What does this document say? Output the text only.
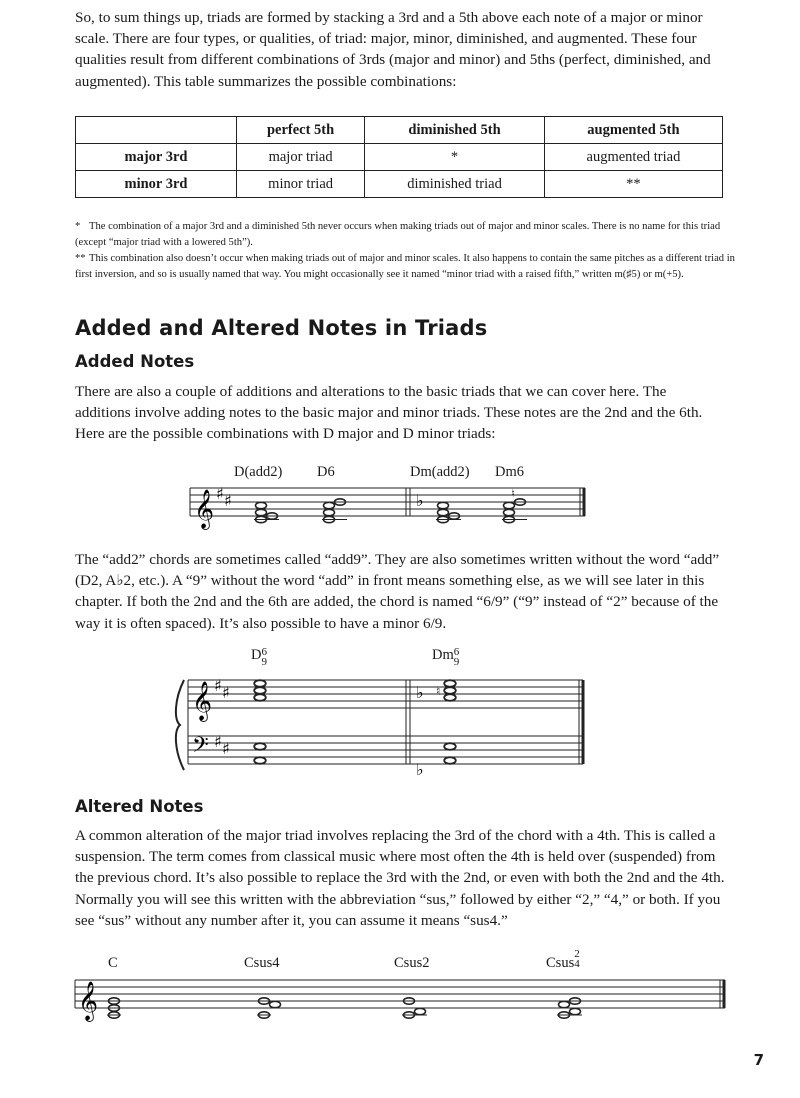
So, to sum things up, triads are formed by stacking a 3rd and a 5th above each note of a major or minor scale. There are four types, or qualities, of triad: major, minor, diminished, and augmented. These four qualities result from different combinations of 3rds (major and minor) and 5ths (perfect, diminished, and augmented). This table summarizes the possible combinations:

	perfect 5th	diminished 5th	augmented 5th
major 3rd	major triad	*	augmented triad
minor 3rd	minor triad	diminished triad	**

* The combination of a major 3rd and a diminished 5th never occurs when making triads out of major and minor scales. There is no name for this triad (except “major triad with a lowered 5th”).

** This combination also doesn’t occur when making triads out of major and minor scales. It also happens to contain the same pitches as a different triad in first inversion, and so is usually named that way. You might occasionally see it named “minor triad with a raised fifth,” written m(♯5) or m(+5).

Added and Altered Notes in Triads
Added Notes

There are also a couple of additions and alterations to the basic triads that we can cover here. The additions involve adding notes to the basic major and minor triads. These notes are the 2nd and the 6th. Here are the possible combinations with D major and D minor triads:

D(add2) D6	Dm(add2) Dm6
𝄞 ♯ ♯	♭	♮

The “add2” chords are sometimes called “add9”. They are also sometimes written without the word “add” (D2, A♭2, etc.). A “9” without the word “add” in front means something else, as we will see later in this chapter. If both the 2nd and the 6th are added, the chord is named “6/9” (“9” instead of “2” because of the way it is often spaced). It’s also possible to have a minor 6/9.

D 6
9	Dm 6
9
𝄞
𝄢
♯ ♯
♯ ♯
♭
♭
♮
Altered Notes

A common alteration of the major triad involves replacing the 3rd of the chord with a 4th. This is called a suspension. The term comes from classical music where most often the 4th is held over (suspended) from the previous chord. It’s also possible to replace the 3rd with the 2nd, or even with both the 2nd and the 4th. Normally you will see this written with the abbreviation “sus,” followed by either “2,” “4,” or both. If you see “sus” without any number after it, you can assume it means “sus4.”

C	Csus4	Csus2	Csus
2
4
𝄞
7
